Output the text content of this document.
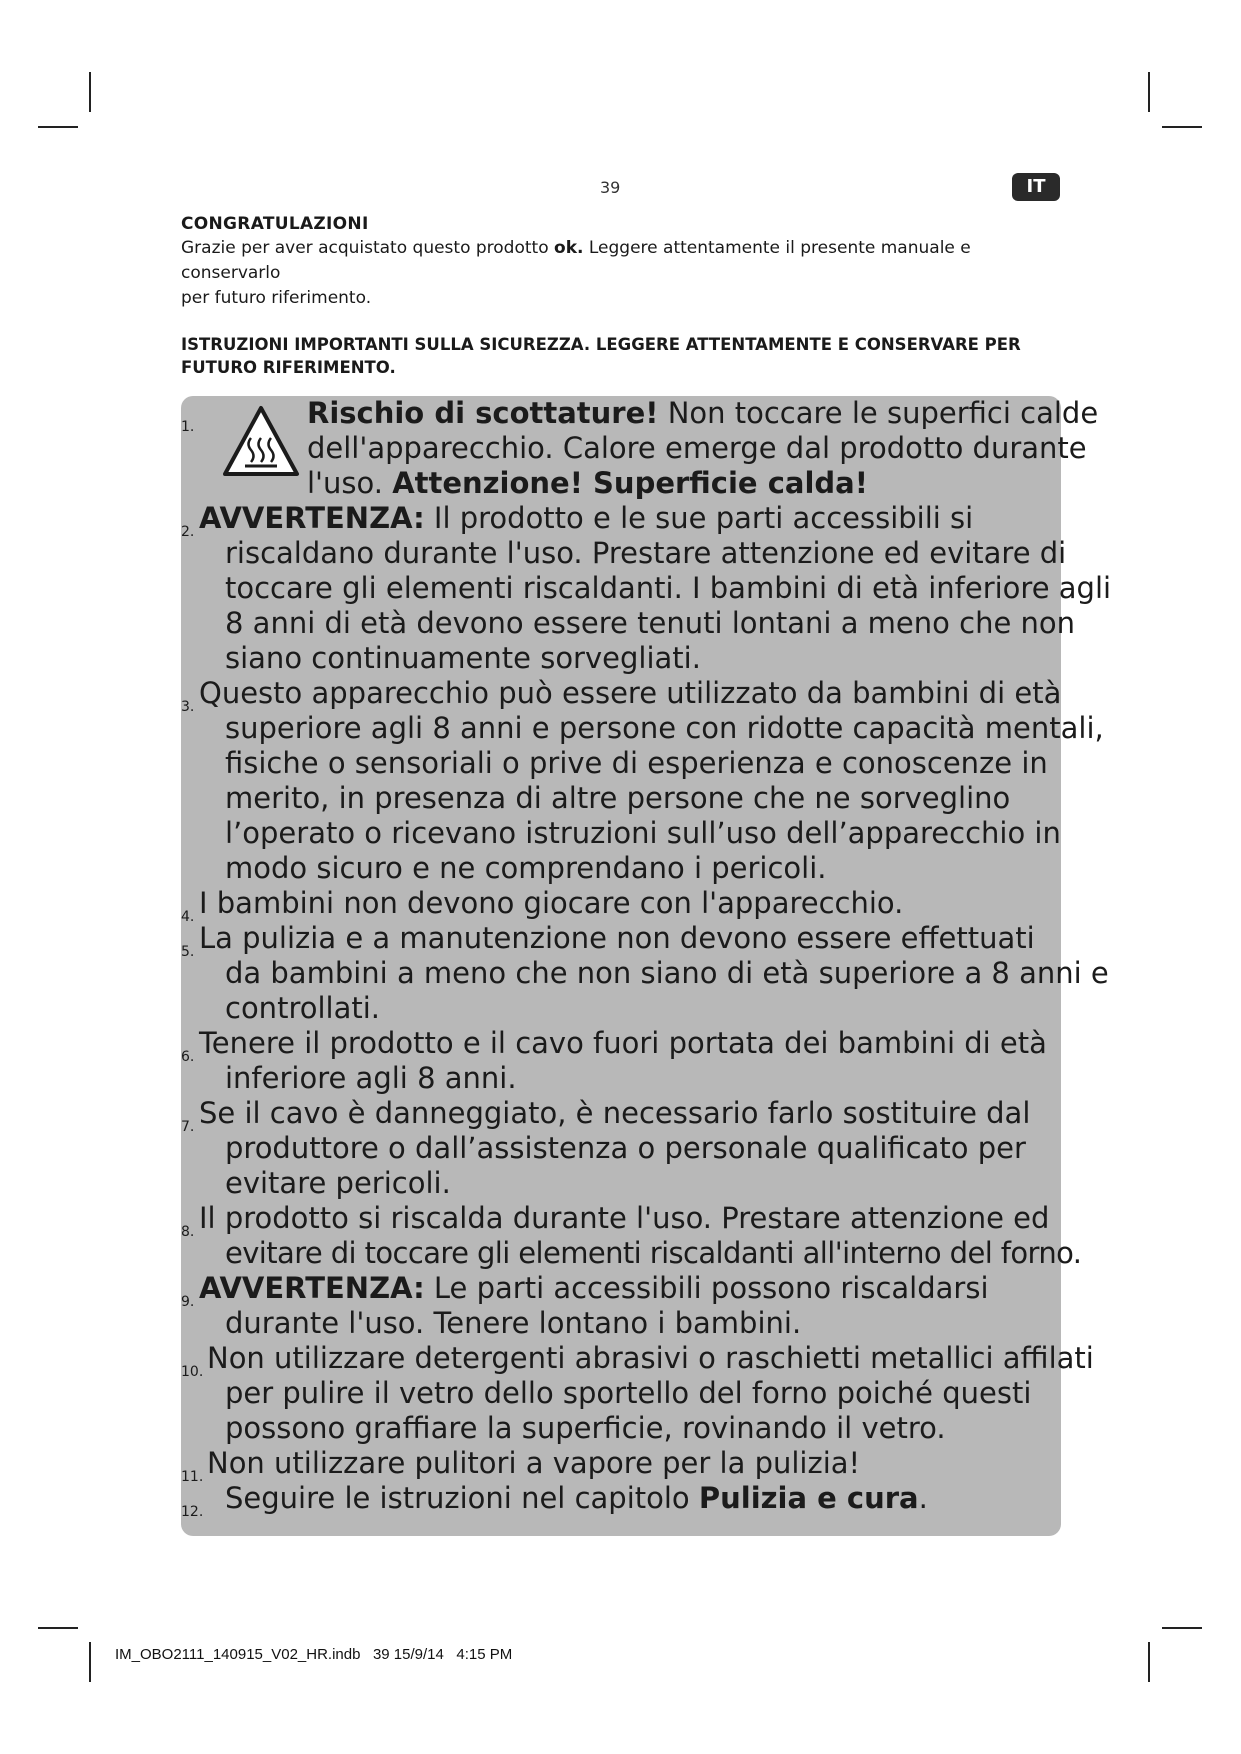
39	IT
CONGRATULAZIONI
Grazie per aver acquistato questo prodotto ok. Leggere attentamente il presente manuale e conservarlo
per futuro riferimento.
ISTRUZIONI IMPORTANTI SULLA SICUREZZA. LEGGERE ATTENTAMENTE E CONSERVARE PER
FUTURO RIFERIMENTO.
1.	Rischio di scottature! Non toccare le superfici calde
dell'apparecchio. Calore emerge dal prodotto durante
l'uso. Attenzione! Superficie calda!
2. AVVERTENZA: Il prodotto e le sue parti accessibili si
riscaldano durante l'uso. Prestare attenzione ed evitare di
toccare gli elementi riscaldanti. I bambini di età inferiore agli
8 anni di età devono essere tenuti lontani a meno che non
siano continuamente sorvegliati.
3. Questo apparecchio può essere utilizzato da bambini di età
superiore agli 8 anni e persone con ridotte capacità mentali,
fisiche o sensoriali o prive di esperienza e conoscenze in
merito, in presenza di altre persone che ne sorveglino
l’operato o ricevano istruzioni sull’uso dell’apparecchio in
modo sicuro e ne comprendano i pericoli.
4. I bambini non devono giocare con l'apparecchio.
5. La pulizia e a manutenzione non devono essere effettuati
da bambini a meno che non siano di età superiore a 8 anni e
controllati.
6. Tenere il prodotto e il cavo fuori portata dei bambini di età
inferiore agli 8 anni.
7. Se il cavo è danneggiato, è necessario farlo sostituire dal
produttore o dall’assistenza o personale qualificato per
evitare pericoli.
8. Il prodotto si riscalda durante l'uso. Prestare attenzione ed
evitare di toccare gli elementi riscaldanti all'interno del forno.
9. AVVERTENZA: Le parti accessibili possono riscaldarsi
durante l'uso. Tenere lontano i bambini.
10. Non utilizzare detergenti abrasivi o raschietti metallici affilati
per pulire il vetro dello sportello del forno poiché questi
possono graffiare la superficie, rovinando il vetro.
11. Non utilizzare pulitori a vapore per la pulizia!
12. Seguire le istruzioni nel capitolo Pulizia e cura.
IM_OBO2111_140915_V02_HR.indb   39 15/9/14   4:15 PM
